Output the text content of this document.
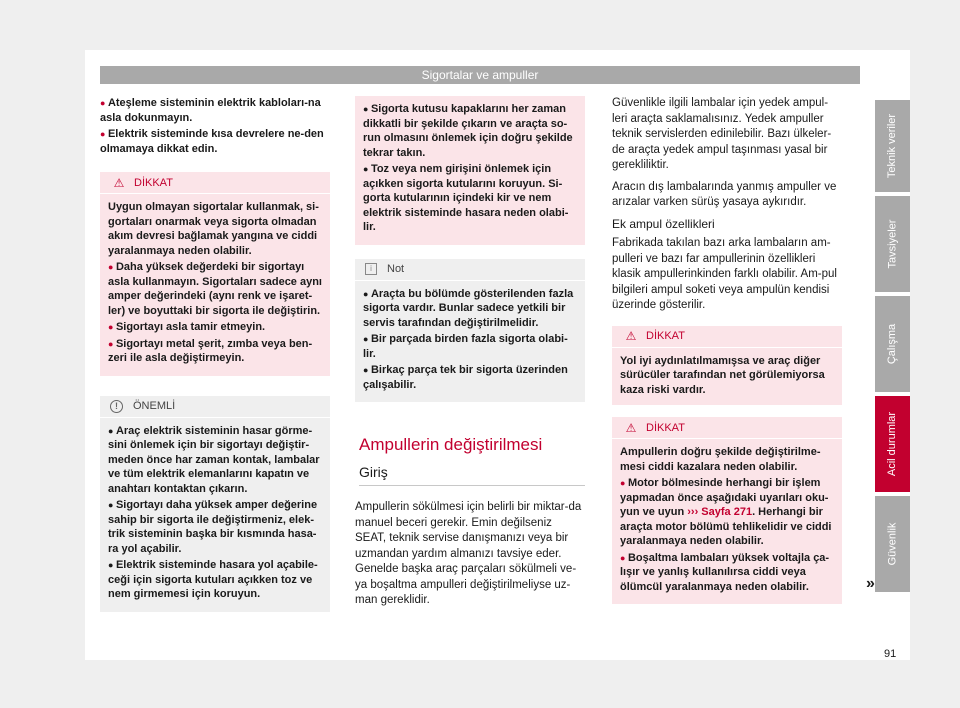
Sigortalar ve ampuller
● Ateşleme sisteminin elektrik kabloları-na asla dokunmayın.
● Elektrik sisteminde kısa devrelere ne-den olmamaya dikkat edin.
⚠ DİKKAT
Uygun olmayan sigortalar kullanmak, si-gortaları onarmak veya sigorta olmadan akım devresi bağlamak yangına ve ciddi yaralanmaya neden olabilir.
● Daha yüksek değerdeki bir sigortayı asla kullanmayın. Sigortaları sadece aynı amper değerindeki (aynı renk ve işaret-ler) ve boyuttaki bir sigorta ile değiştirin.
● Sigortayı asla tamir etmeyin.
● Sigortayı metal şerit, zımba veya ben-zeri ile asla değiştirmeyin.
!	ÖNEMLİ
● Araç elektrik sisteminin hasar görme-sini önlemek için bir sigortayı değiştir-meden önce har zaman kontak, lambalar ve tüm elektrik elemanlarını kapatın ve anahtarı kontaktan çıkarın.
● Sigortayı daha yüksek amper değerine sahip bir sigorta ile değiştirmeniz, elek-trik sisteminin başka bir kısmında hasa-ra yol açabilir.
● Elektrik sisteminde hasara yol açabile-ceği için sigorta kutuları açıkken toz ve nem girmemesi için koruyun.
● Sigorta kutusu kapaklarını her zaman dikkatli bir şekilde çıkarın ve araçta so-run olmasını önlemek için doğru şekilde tekrar takın.
● Toz veya nem girişini önlemek için açıkken sigorta kutularını koruyun. Si-gorta kutularının içindeki kir ve nem elektrik sisteminde hasara neden olabi-lir.
i	Not
● Araçta bu bölümde gösterilenden fazla sigorta vardır. Bunlar sadece yetkili bir servis tarafından değiştirilmelidir.
● Bir parçada birden fazla sigorta olabi-lir.
● Birkaç parça tek bir sigorta üzerinden çalışabilir.
Ampullerin değiştirilmesi
Giriş
Ampullerin sökülmesi için belirli bir miktar-da manuel beceri gerekir. Emin değilseniz SEAT, teknik servise danışmanızı veya bir uzmandan yardım almanızı tavsiye eder. Genelde başka araç parçaları sökülmeli ve-ya boşaltma ampulleri değiştirilmeliyse uz-man gereklidir.

Güvenlikle ilgili lambalar için yedek ampul-leri araçta saklamalısınız. Yedek ampuller teknik servislerden edinilebilir. Bazı ülkeler-de araçta yedek ampul taşınması yasal bir gerekliliktir.

Aracın dış lambalarında yanmış ampuller ve arızalar varken sürüş yasaya aykırıdır.

Ek ampul özellikleri

Fabrikada takılan bazı arka lambaların am-pulleri ve bazı far ampullerinin özellikleri klasik ampullerinkinden farklı olabilir. Am-pul bilgileri ampul soketi veya ampulün kendisi üzerinde gösterilir.

⚠ DİKKAT
Yol iyi aydınlatılmamışsa ve araç diğer sürücüler tarafından net görülemiyorsa kaza riski vardır.
⚠ DİKKAT
Ampullerin doğru şekilde değiştirilme-mesi ciddi kazalara neden olabilir.
● Motor bölmesinde herhangi bir işlem yapmadan önce aşağıdaki uyarıları oku-yun ve uyun ››› Sayfa 271. Herhangi bir araçta motor bölümü tehlikelidir ve ciddi yaralanmaya neden olabilir.
● Boşaltma lambaları yüksek voltajla ça-lışır ve yanlış kullanılırsa ciddi veya ölümcül yaralanmaya neden olabilir.	»
Teknik veriler
Tavsiyeler
Çalışma
Acil durumlar
Güvenlik
91
